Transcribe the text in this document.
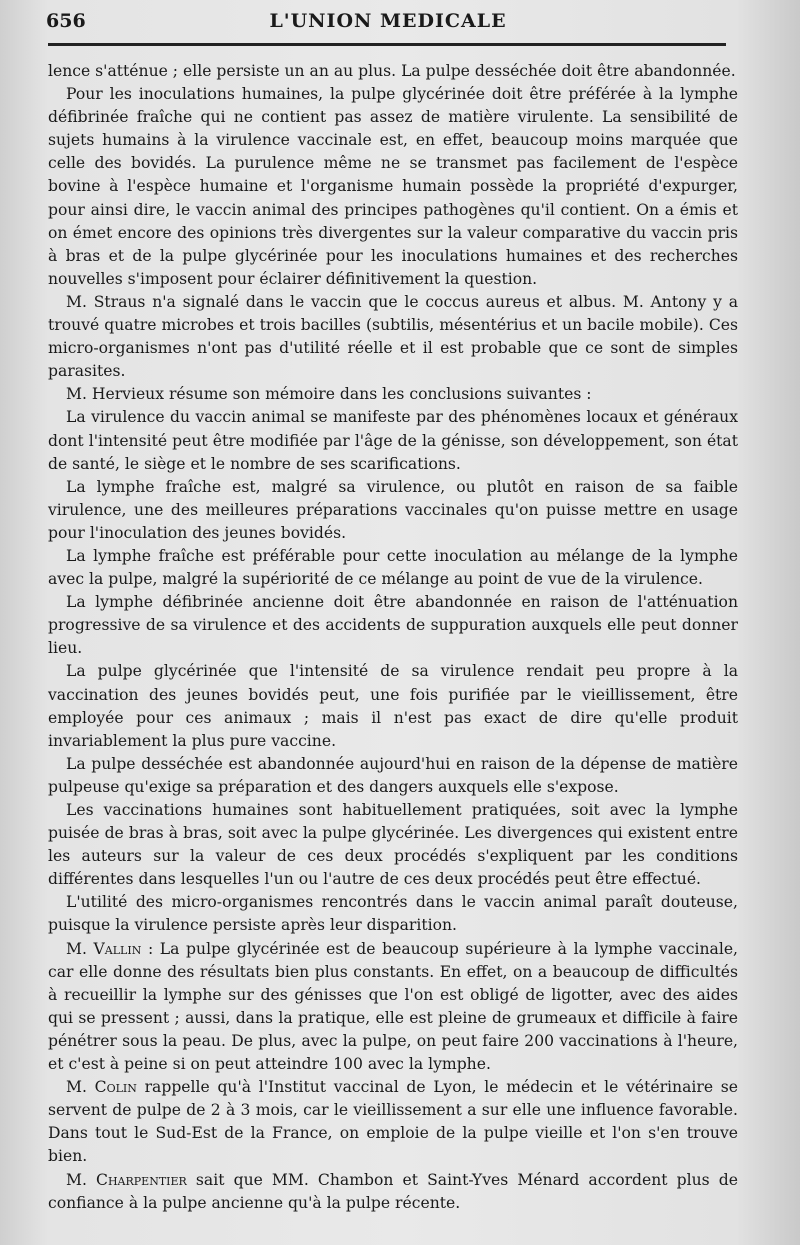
656	L'UNION MEDICALE

lence s'atténue ; elle persiste un an au plus. La pulpe desséchée doit être abandonnée.

Pour les inoculations humaines, la pulpe glycérinée doit être préférée à la lymphe défibrinée fraîche qui ne contient pas assez de matière virulente. La sensibilité de sujets humains à la virulence vaccinale est, en effet, beaucoup moins marquée que celle des bovidés. La purulence même ne se transmet pas facilement de l'espèce bovine à l'espèce humaine et l'organisme humain possède la propriété d'expurger, pour ainsi dire, le vaccin animal des principes pathogènes qu'il contient. On a émis et on émet encore des opinions très divergentes sur la valeur comparative du vaccin pris à bras et de la pulpe glycérinée pour les inoculations humaines et des recherches nouvelles s'imposent pour éclairer définitivement la question.

M. Straus n'a signalé dans le vaccin que le coccus aureus et albus. M. Antony y a trouvé quatre microbes et trois bacilles (subtilis, mésentérius et un bacile mobile). Ces micro-organismes n'ont pas d'utilité réelle et il est probable que ce sont de simples parasites.

M. Hervieux résume son mémoire dans les conclusions suivantes :

La virulence du vaccin animal se manifeste par des phénomènes locaux et généraux dont l'intensité peut être modifiée par l'âge de la génisse, son développement, son état de santé, le siège et le nombre de ses scarifications.

La lymphe fraîche est, malgré sa virulence, ou plutôt en raison de sa faible virulence, une des meilleures préparations vaccinales qu'on puisse mettre en usage pour l'inoculation des jeunes bovidés.

La lymphe fraîche est préférable pour cette inoculation au mélange de la lymphe avec la pulpe, malgré la supériorité de ce mélange au point de vue de la virulence.

La lymphe défibrinée ancienne doit être abandonnée en raison de l'atténuation progressive de sa virulence et des accidents de suppuration auxquels elle peut donner lieu.

La pulpe glycérinée que l'intensité de sa virulence rendait peu propre à la vaccination des jeunes bovidés peut, une fois purifiée par le vieillissement, être employée pour ces animaux ; mais il n'est pas exact de dire qu'elle produit invariablement la plus pure vaccine.

La pulpe desséchée est abandonnée aujourd'hui en raison de la dépense de matière pulpeuse qu'exige sa préparation et des dangers auxquels elle s'expose.

Les vaccinations humaines sont habituellement pratiquées, soit avec la lymphe puisée de bras à bras, soit avec la pulpe glycérinée. Les divergences qui existent entre les auteurs sur la valeur de ces deux procédés s'expliquent par les conditions différentes dans lesquelles l'un ou l'autre de ces deux procédés peut être effectué.

L'utilité des micro-organismes rencontrés dans le vaccin animal paraît douteuse, puisque la virulence persiste après leur disparition.

M. Vallin : La pulpe glycérinée est de beaucoup supérieure à la lymphe vaccinale, car elle donne des résultats bien plus constants. En effet, on a beaucoup de difficultés à recueillir la lymphe sur des génisses que l'on est obligé de ligotter, avec des aides qui se pressent ; aussi, dans la pratique, elle est pleine de grumeaux et difficile à faire pénétrer sous la peau. De plus, avec la pulpe, on peut faire 200 vaccinations à l'heure, et c'est à peine si on peut atteindre 100 avec la lymphe.

M. Colin rappelle qu'à l'Institut vaccinal de Lyon, le médecin et le vétérinaire se servent de pulpe de 2 à 3 mois, car le vieillissement a sur elle une influence favorable. Dans tout le Sud-Est de la France, on emploie de la pulpe vieille et l'on s'en trouve bien.

M. Charpentier sait que MM. Chambon et Saint-Yves Ménard accordent plus de confiance à la pulpe ancienne qu'à la pulpe récente.
